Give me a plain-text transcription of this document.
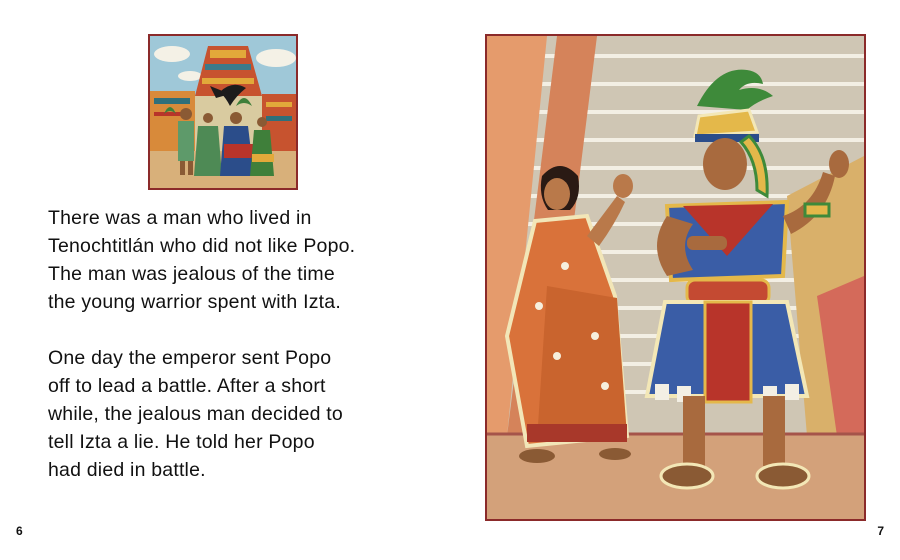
There was a man who lived in
Tenochtitlán who did not like Popo.
The man was jealous of the time
the young warrior spent with Izta.

One day the emperor sent Popo
off to lead a battle. After a short
while, the jealous man decided to
tell Izta a lie. He told her Popo
had died in battle.

6	7
